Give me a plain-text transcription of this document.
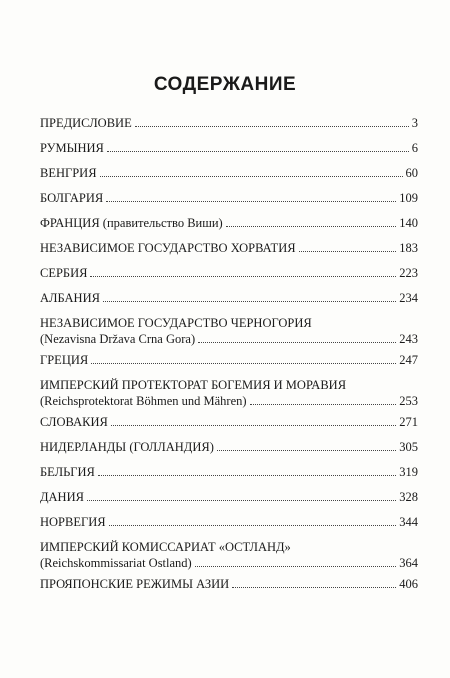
СОДЕРЖАНИЕ
ПРЕДИСЛОВИЕ	3
РУМЫНИЯ	6
ВЕНГРИЯ	60
БОЛГАРИЯ	109
ФРАНЦИЯ (правительство Виши)	140
НЕЗАВИСИМОЕ ГОСУДАРСТВО ХОРВАТИЯ	183
СЕРБИЯ	223
АЛБАНИЯ	234
НЕЗАВИСИМОЕ ГОСУДАРСТВО ЧЕРНОГОРИЯ
(Nezavisna Država Crna Gora)	243
ГРЕЦИЯ	247
ИМПЕРСКИЙ ПРОТЕКТОРАТ БОГЕМИЯ И МОРАВИЯ
(Reichsprotektorat Böhmen und Mähren)	253
СЛОВАКИЯ	271
НИДЕРЛАНДЫ (ГОЛЛАНДИЯ)	305
БЕЛЬГИЯ	319
ДАНИЯ	328
НОРВЕГИЯ	344
ИМПЕРСКИЙ КОМИССАРИАТ «ОСТЛАНД»
(Reichskommissariat Ostland)	364
ПРОЯПОНСКИЕ РЕЖИМЫ АЗИИ	406
